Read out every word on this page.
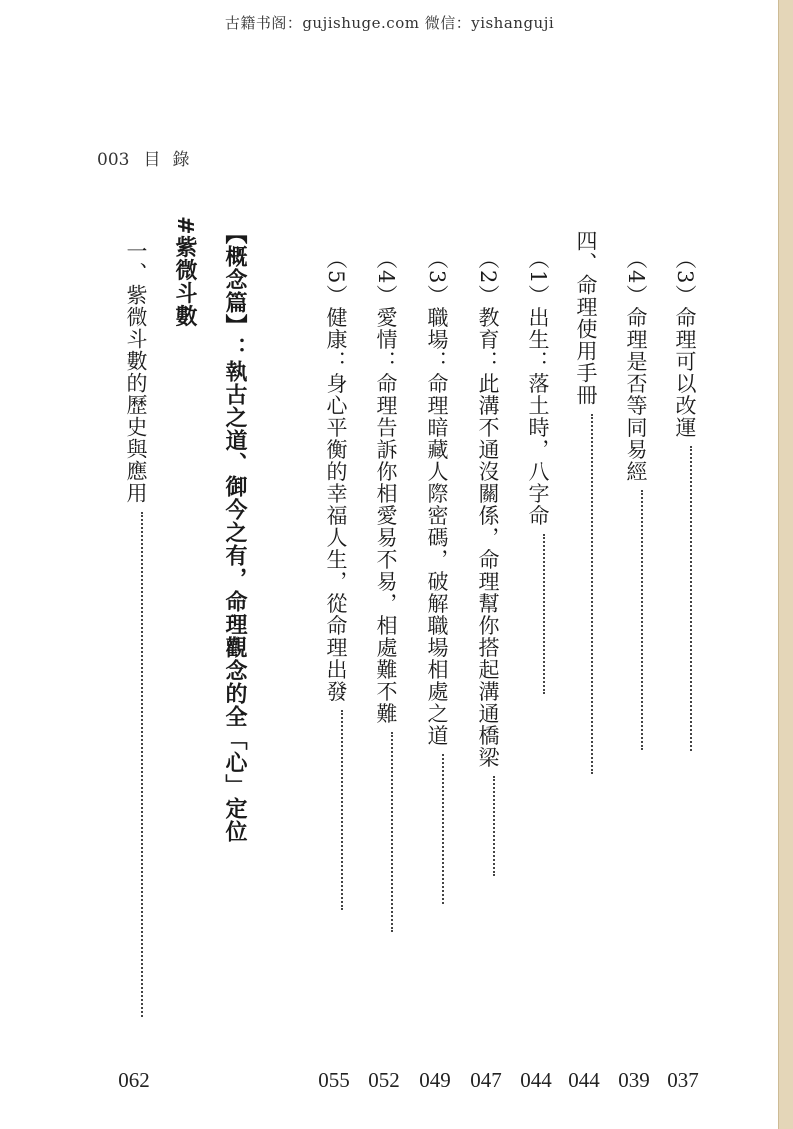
古籍书阁：gujishuge.com 微信：yishanguji
003 目 錄
（3）命理可以改運
037
（4）命理是否等同易經
039
四、命理使用手冊
044
（1）出生：落土時，八字命
044
（2）教育：此溝不通沒關係，命理幫你搭起溝通橋梁
047
（3）職場：命理暗藏人際密碼，破解職場相處之道
049
（4）愛情：命理告訴你相愛易不易，相處難不難
052
（5）健康：身心平衡的幸福人生，從命理出發
055
【概念篇】：執古之道、御今之有，命理觀念的全「心」定位
#紫微斗數
一、紫微斗數的歷史與應用
062
